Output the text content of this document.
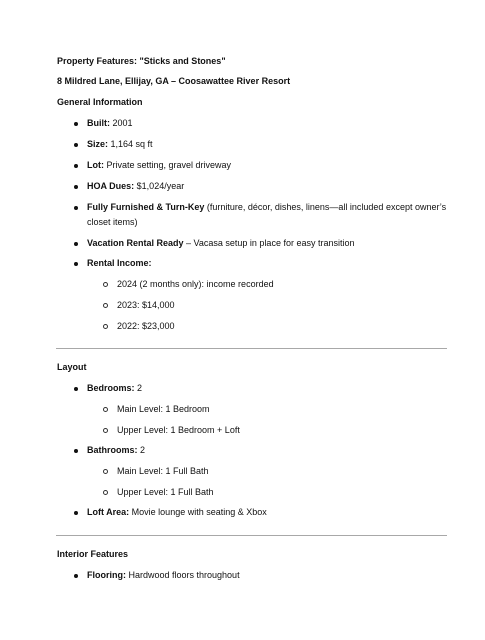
Property Features: "Sticks and Stones"
8 Mildred Lane, Ellijay, GA – Coosawattee River Resort
General Information
Built: 2001
Size: 1,164 sq ft
Lot: Private setting, gravel driveway
HOA Dues: $1,024/year
Fully Furnished & Turn-Key (furniture, décor, dishes, linens—all included except owner’s
closet items)
Vacation Rental Ready – Vacasa setup in place for easy transition
Rental Income:
2024 (2 months only): income recorded
2023: $14,000
2022: $23,000
Layout
Bedrooms: 2
Main Level: 1 Bedroom
Upper Level: 1 Bedroom + Loft
Bathrooms: 2
Main Level: 1 Full Bath
Upper Level: 1 Full Bath
Loft Area: Movie lounge with seating & Xbox
Interior Features
Flooring: Hardwood floors throughout
